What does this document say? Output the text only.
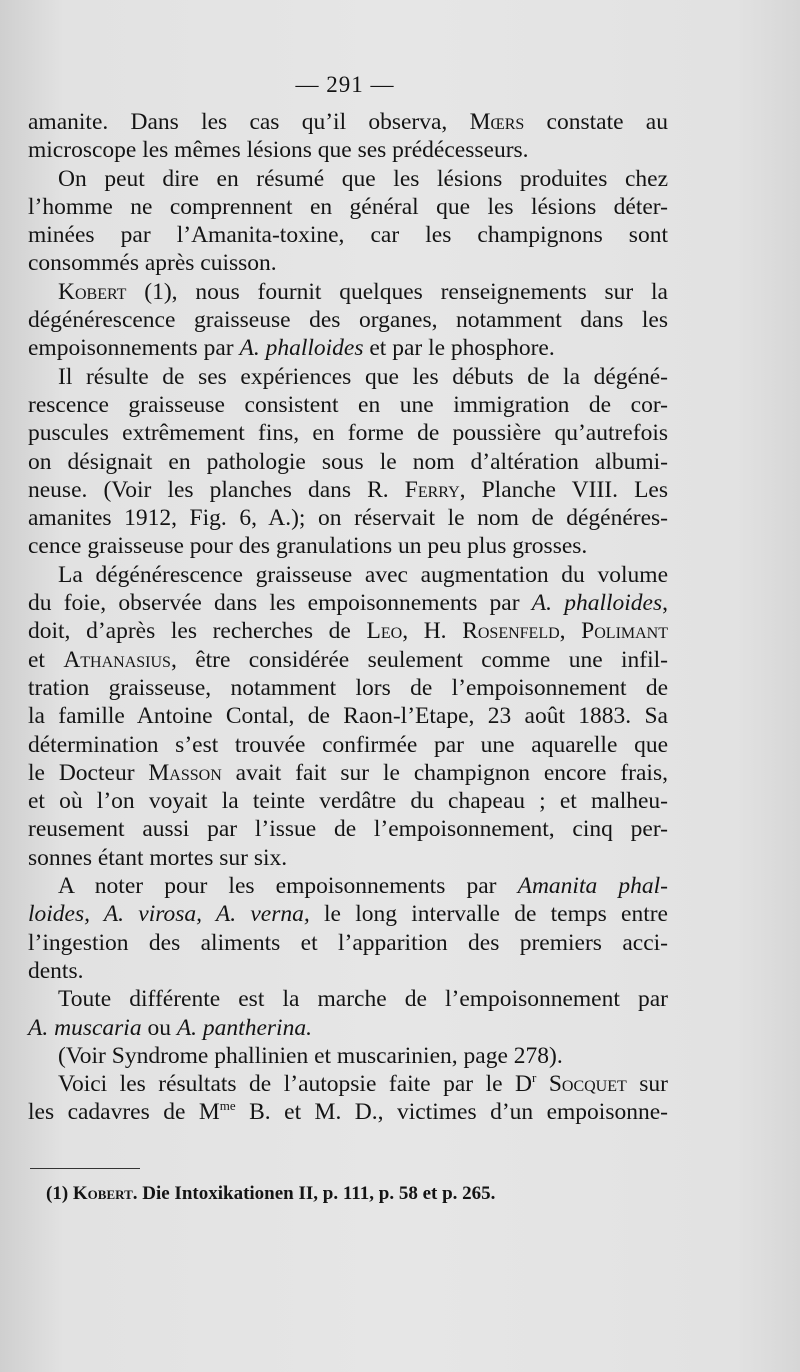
— 291 —
amanite. Dans les cas qu’il observa, Mœrs constate au
microscope les mêmes lésions que ses prédécesseurs.
On peut dire en résumé que les lésions produites chez
l’homme ne comprennent en général que les lésions déter-
minées par l’Amanita-toxine, car les champignons sont
consommés après cuisson.
Kobert (1), nous fournit quelques renseignements sur la
dégénérescence graisseuse des organes, notamment dans les
empoisonnements par A. phalloides et par le phosphore.
Il résulte de ses expériences que les débuts de la dégéné-
rescence graisseuse consistent en une immigration de cor-
puscules extrêmement fins, en forme de poussière qu’autrefois
on désignait en pathologie sous le nom d’altération albumi-
neuse. (Voir les planches dans R. Ferry, Planche VIII. Les
amanites 1912, Fig. 6, A.); on réservait le nom de dégénéres-
cence graisseuse pour des granulations un peu plus grosses.
La dégénérescence graisseuse avec augmentation du volume
du foie, observée dans les empoisonnements par A. phalloides,
doit, d’après les recherches de Leo, H. Rosenfeld, Polimant
et Athanasius, être considérée seulement comme une infil-
tration graisseuse, notamment lors de l’empoisonnement de
la famille Antoine Contal, de Raon-l’Etape, 23 août 1883. Sa
détermination s’est trouvée confirmée par une aquarelle que
le Docteur Masson avait fait sur le champignon encore frais,
et où l’on voyait la teinte verdâtre du chapeau ; et malheu-
reusement aussi par l’issue de l’empoisonnement, cinq per-
sonnes étant mortes sur six.
A noter pour les empoisonnements par Amanita phal-
loides, A. virosa, A. verna, le long intervalle de temps entre
l’ingestion des aliments et l’apparition des premiers acci-
dents.
Toute différente est la marche de l’empoisonnement par
A. muscaria ou A. pantherina.
(Voir Syndrome phallinien et muscarinien, page 278).
Voici les résultats de l’autopsie faite par le $D^r$ Socquet sur
les cadavres de $M^{me}$ B. et M. D., victimes d’un empoisonne-
(1) Kobert. Die Intoxikationen II, p. 111, p. 58 et p. 265.
